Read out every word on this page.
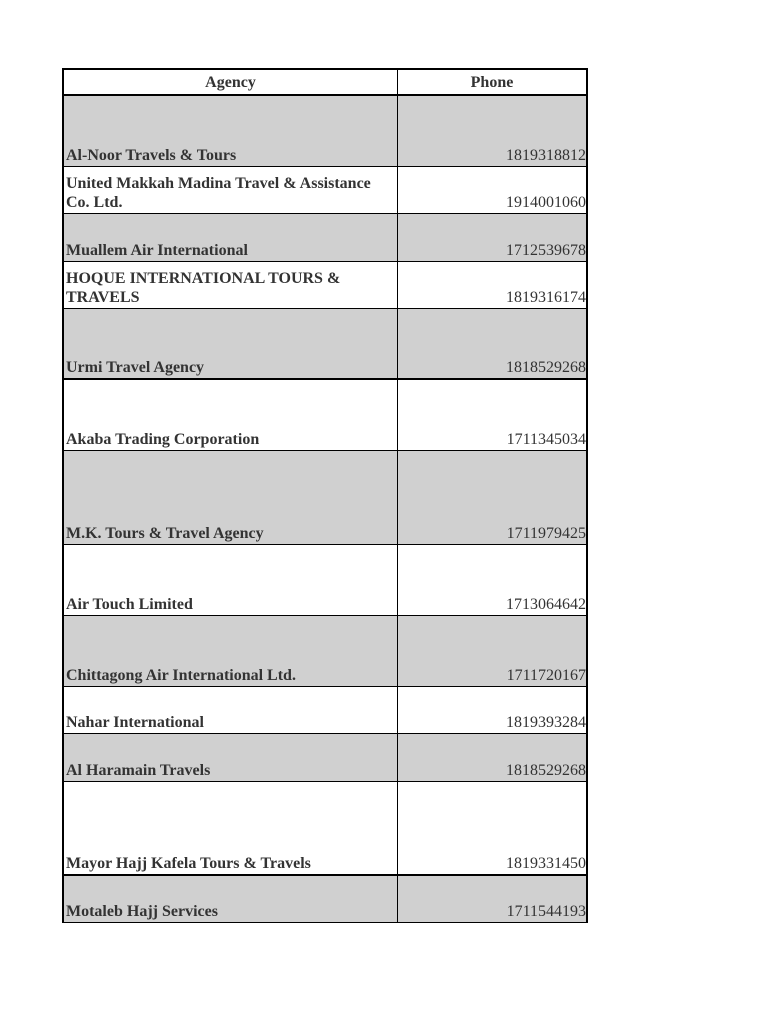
Agency	Phone
Al-Noor Travels & Tours	1819318812
United Makkah Madina Travel & Assistance Co. Ltd.	1914001060
Muallem Air International	1712539678
HOQUE INTERNATIONAL TOURS & TRAVELS	1819316174
Urmi Travel Agency	1818529268
Akaba Trading Corporation	1711345034
M.K. Tours & Travel Agency	1711979425
Air Touch Limited	1713064642
Chittagong Air International Ltd.	1711720167
Nahar International	1819393284
Al Haramain Travels	1818529268
Mayor Hajj Kafela Tours & Travels	1819331450
Motaleb Hajj Services	1711544193
